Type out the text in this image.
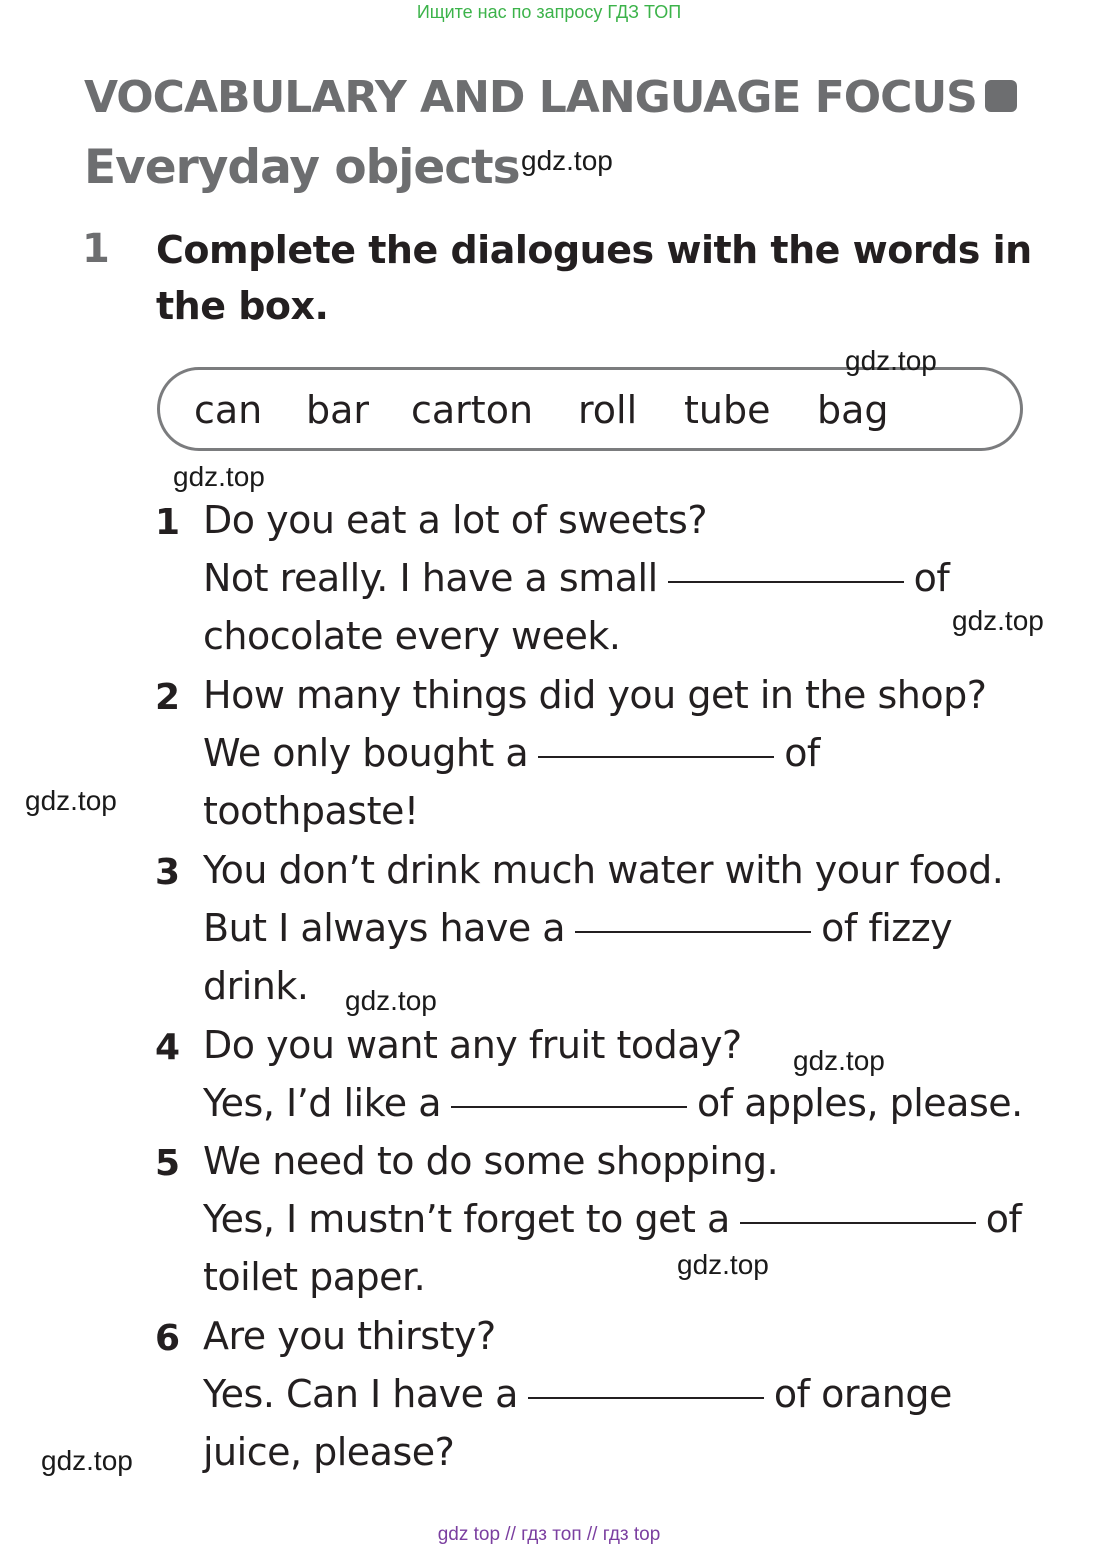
Ищите нас по запросу ГДЗ ТОП
VOCABULARY AND LANGUAGE FOCUS
Everyday objects
1 Complete the dialogues with the words in
the box.
can bar carton roll tube bag
1 Do you eat a lot of sweets?
Not really. I have a small	of
chocolate every week.
2 How many things did you get in the shop?
We only bought a	of
toothpaste!
3 You don’t drink much water with your food.
But I always have a	of fizzy
drink.
4 Do you want any fruit today?
Yes, I’d like a	of apples, please.
5 We need to do some shopping.
Yes, I mustn’t forget to get a	of
toilet paper.
6 Are you thirsty?
Yes. Can I have a	of orange
juice, please?
gdz.top
gdz.top
gdz.top
gdz.top
gdz.top
gdz.top
gdz.top
gdz.top
gdz.top
gdz top // гдз топ // гдз top
